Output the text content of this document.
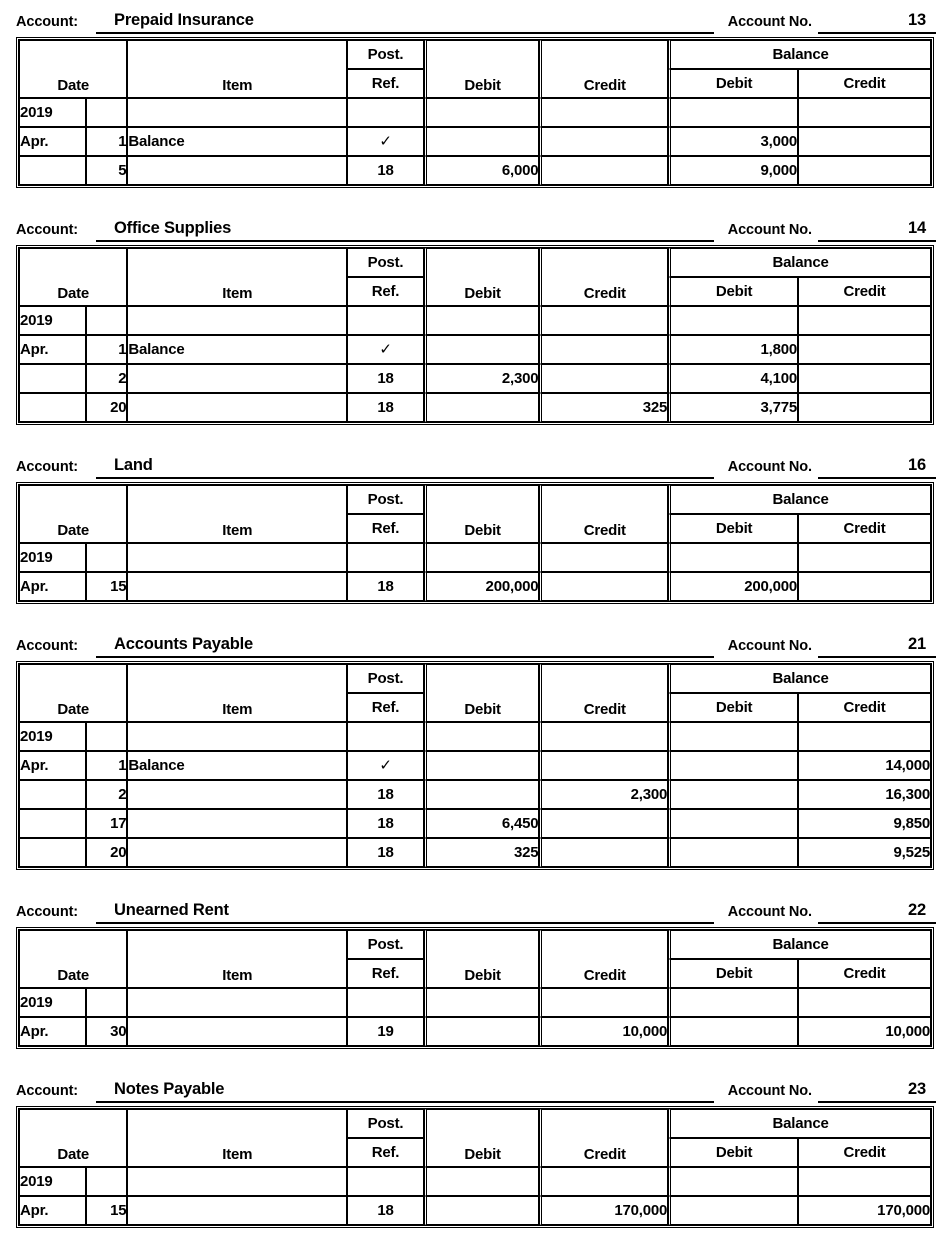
Account:	Prepaid Insurance	Account No.	13
Date		Item	Post.	Debit	Credit	Balance	
			Ref.			Debit	Credit
2019							
Apr.	1	Balance	✓			3,000	
	5		18	6,000		9,000	
Account:	Office Supplies	Account No.	14
Date		Item	Post.	Debit	Credit	Balance	
			Ref.			Debit	Credit
2019							
Apr.	1	Balance	✓			1,800	
	2		18	2,300		4,100	
	20		18		325	3,775	
Account:	Land	Account No.	16
Date		Item	Post.	Debit	Credit	Balance	
			Ref.			Debit	Credit
2019							
Apr.	15		18	200,000		200,000	
Account:	Accounts Payable	Account No.	21
Date		Item	Post.	Debit	Credit	Balance	
			Ref.			Debit	Credit
2019							
Apr.	1	Balance	✓				14,000
	2		18		2,300		16,300
	17		18	6,450			9,850
	20		18	325			9,525
Account:	Unearned Rent	Account No.	22
Date		Item	Post.	Debit	Credit	Balance	
			Ref.			Debit	Credit
2019							
Apr.	30		19		10,000		10,000
Account:	Notes Payable	Account No.	23
Date		Item	Post.	Debit	Credit	Balance	
			Ref.			Debit	Credit
2019							
Apr.	15		18		170,000		170,000
